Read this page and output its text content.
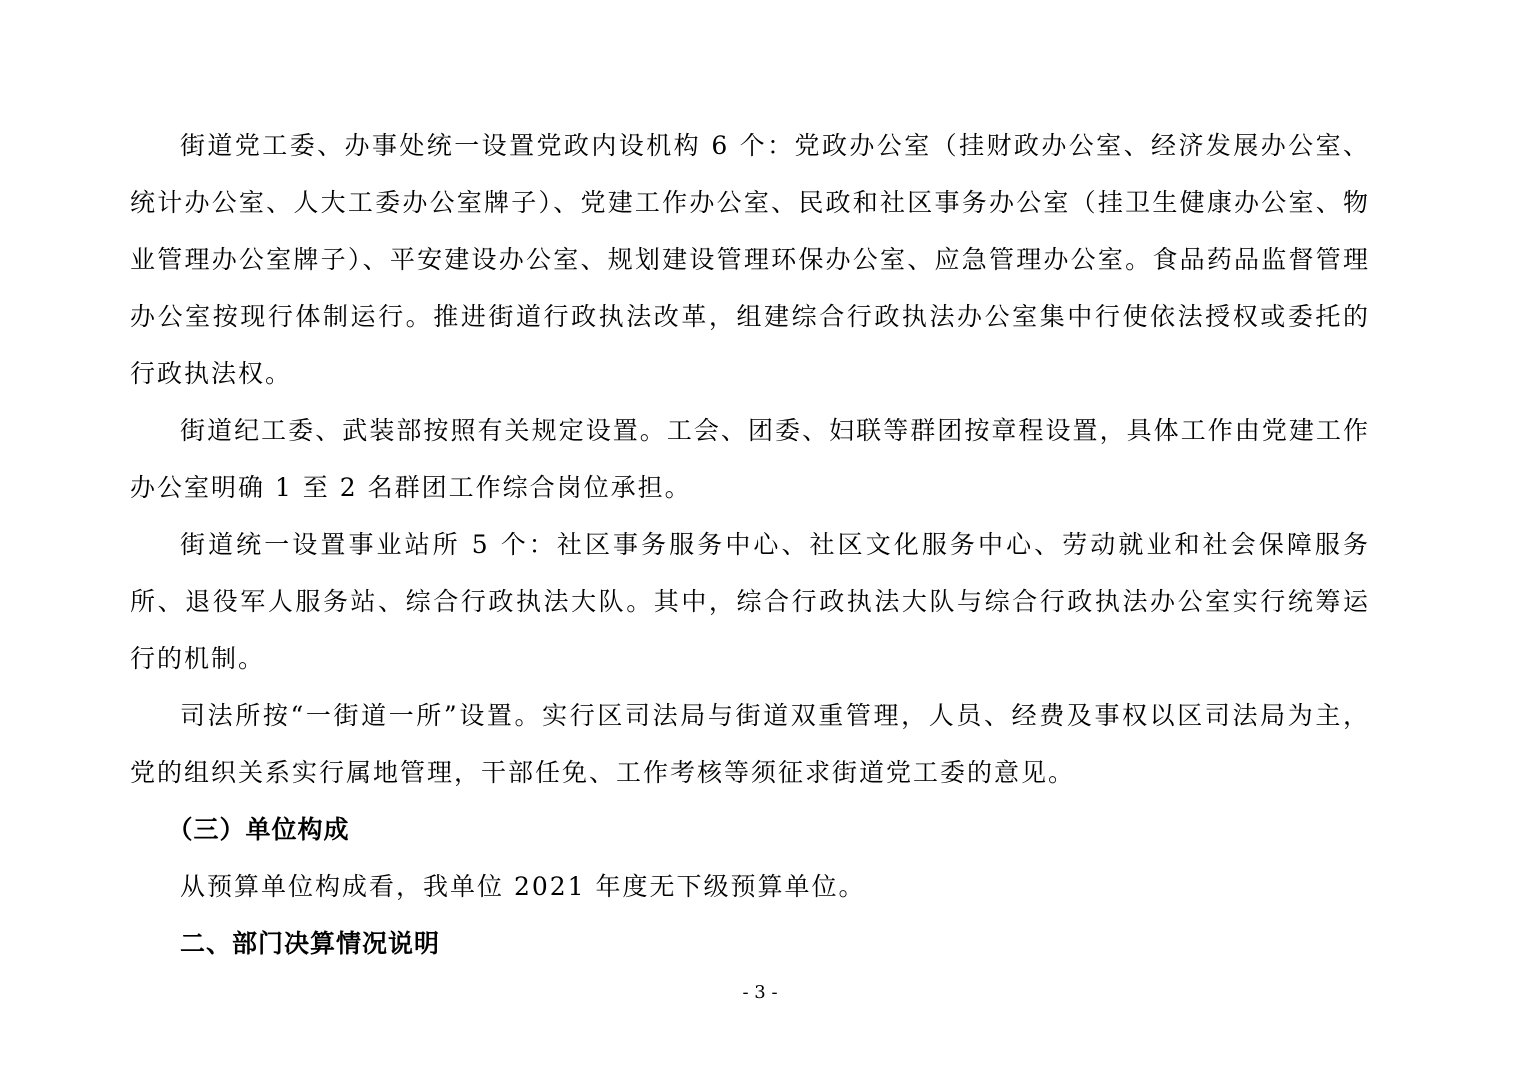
街道党工委、办事处统一设置党政内设机构 6 个：党政办公室（挂财政办公室、经济发展办公室、统计办公室、人大工委办公室牌子）、党建工作办公室、民政和社区事务办公室（挂卫生健康办公室、物业管理办公室牌子）、平安建设办公室、规划建设管理环保办公室、应急管理办公室。食品药品监督管理办公室按现行体制运行。推进街道行政执法改革，组建综合行政执法办公室集中行使依法授权或委托的行政执法权。

街道纪工委、武装部按照有关规定设置。工会、团委、妇联等群团按章程设置，具体工作由党建工作办公室明确 1 至 2 名群团工作综合岗位承担。

街道统一设置事业站所 5 个：社区事务服务中心、社区文化服务中心、劳动就业和社会保障服务所、退役军人服务站、综合行政执法大队。其中，综合行政执法大队与综合行政执法办公室实行统筹运行的机制。

司法所按“一街道一所”设置。实行区司法局与街道双重管理，人员、经费及事权以区司法局为主，党的组织关系实行属地管理，干部任免、工作考核等须征求街道党工委的意见。

（三）单位构成

从预算单位构成看，我单位 2021 年度无下级预算单位。

二、部门决算情况说明

- 3 -
